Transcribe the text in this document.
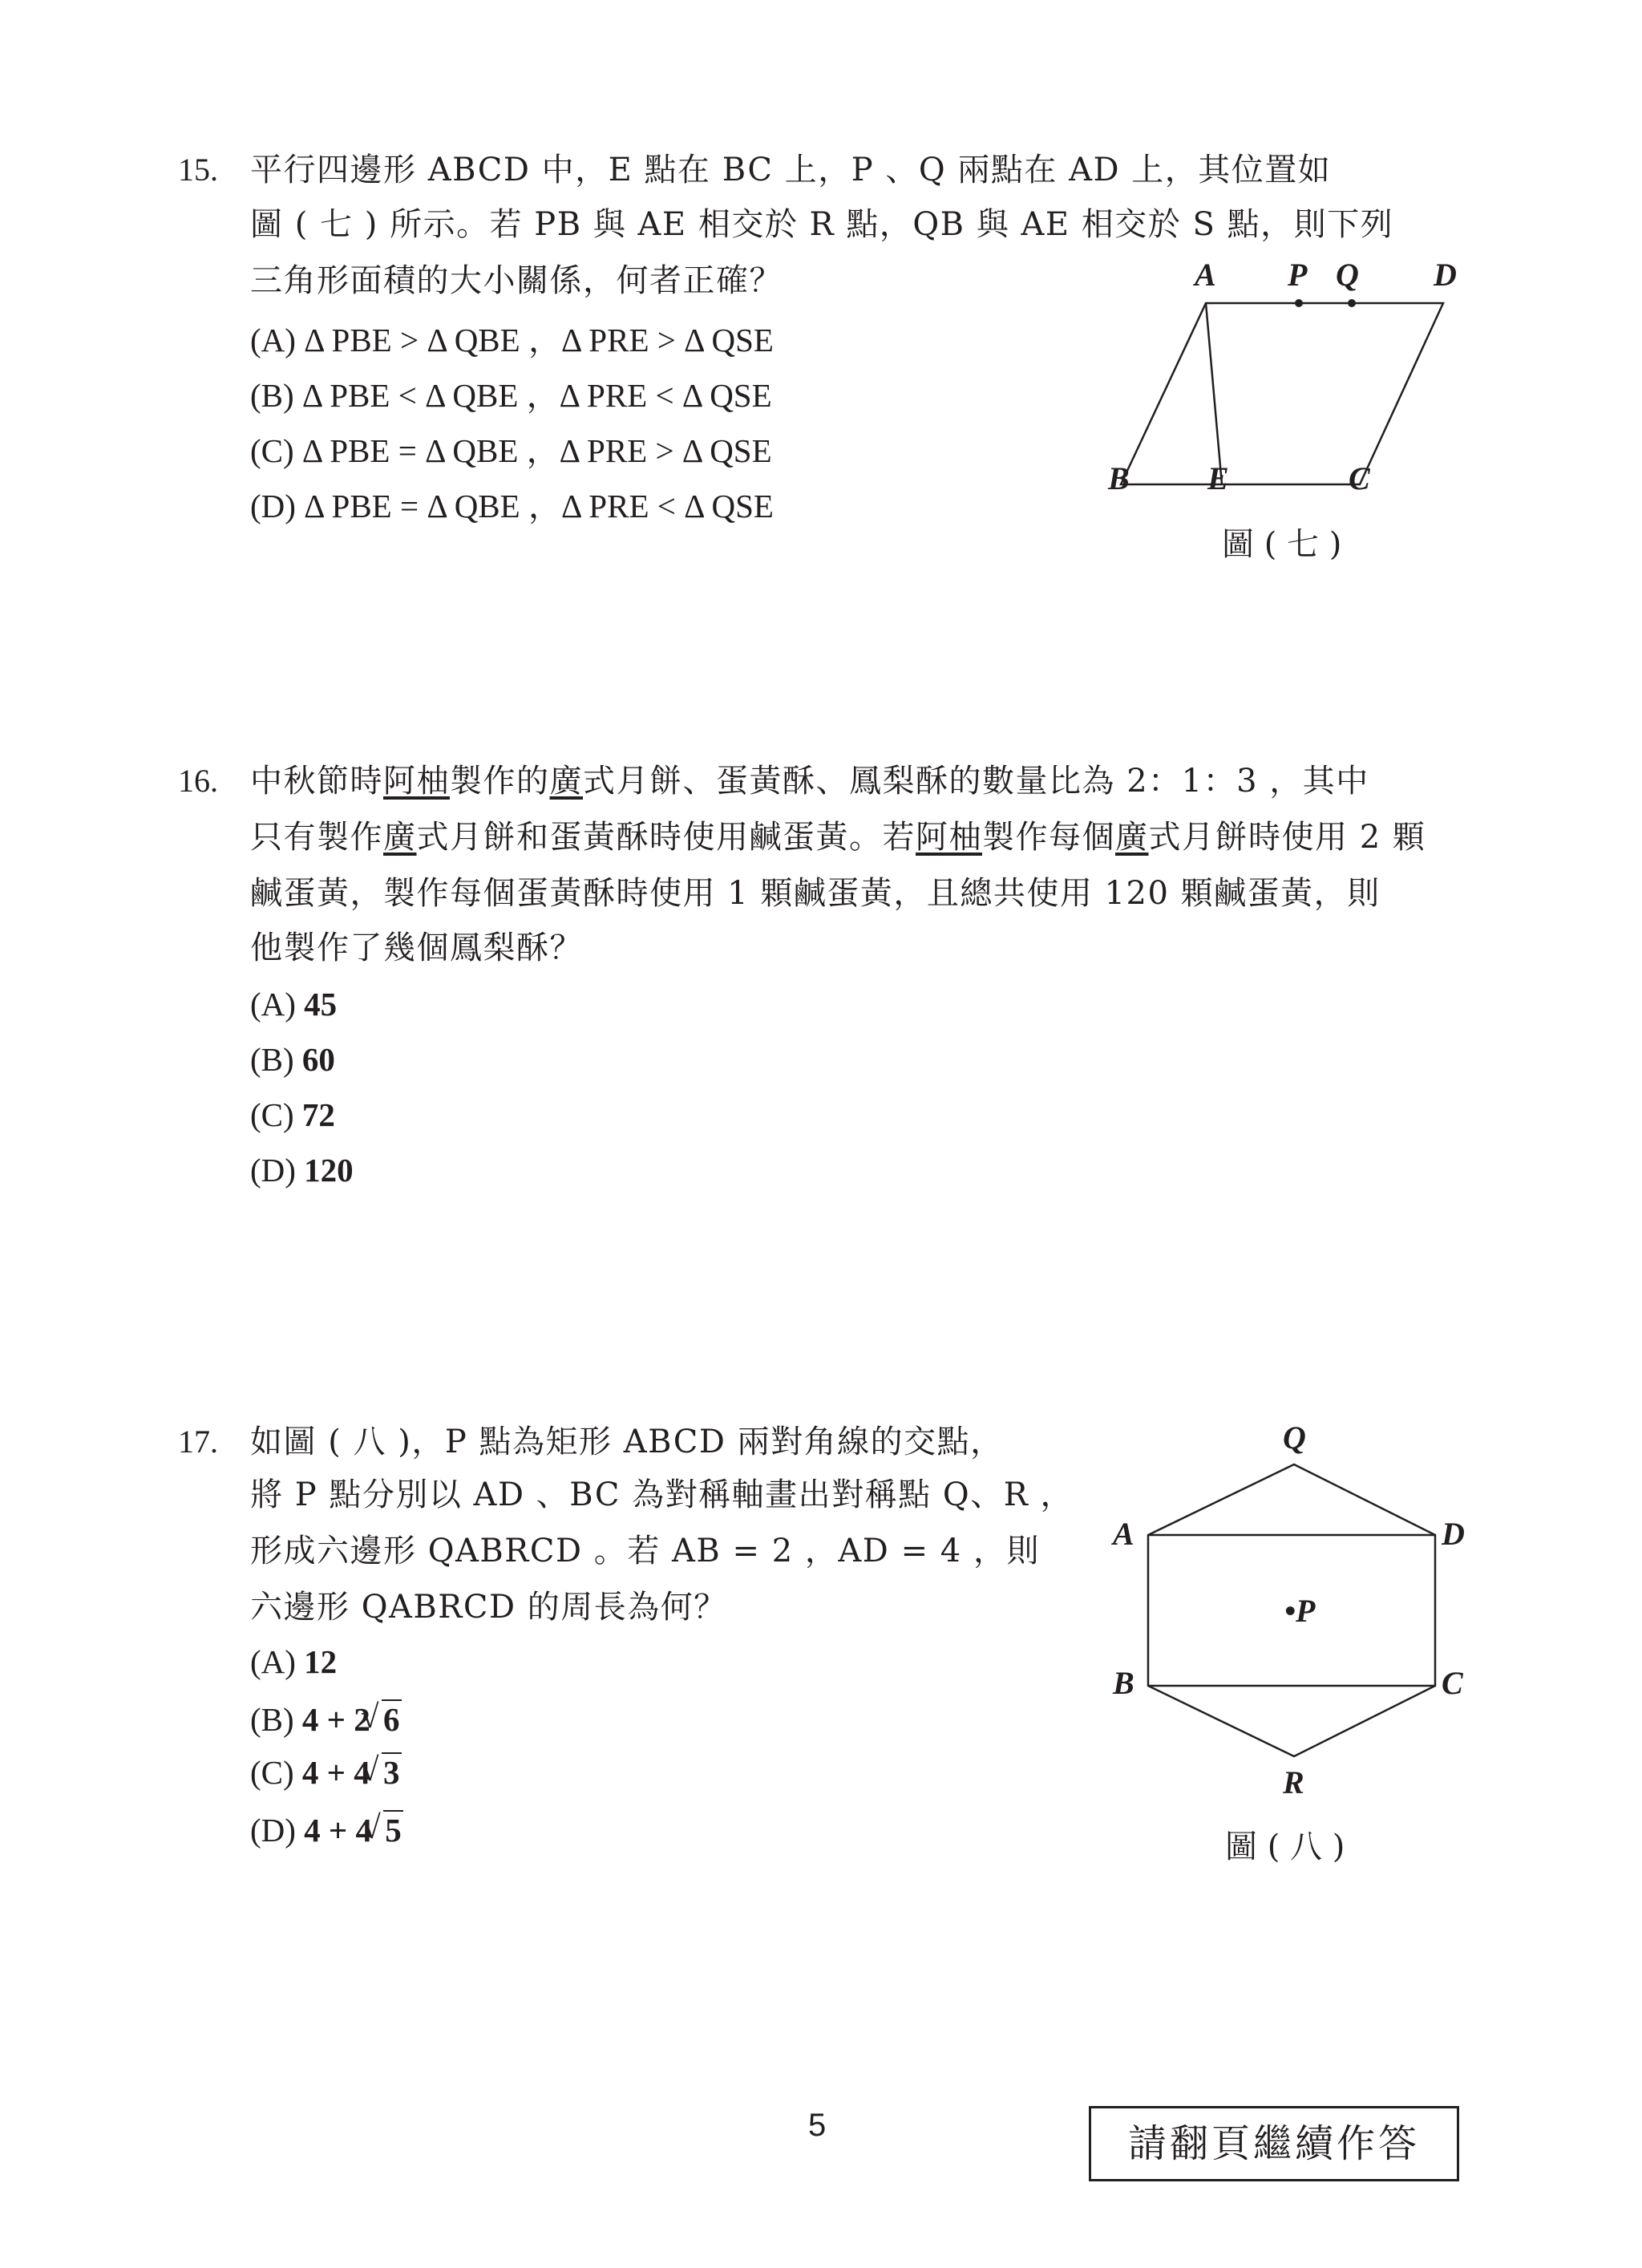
15. 平行四邊形 ABCD 中，E 點在 BC 上，P 、Q 兩點在 AD 上，其位置如
圖 ( 七 ) 所示。若 PB 與 AE 相交於 R 點，QB 與 AE 相交於 S 點，則下列
三角形面積的大小關係，何者正確？
(A) Δ PBE > Δ QBE ，Δ PRE > Δ QSE
(B) Δ PBE < Δ QBE ，Δ PRE < Δ QSE
(C) Δ PBE = Δ QBE ，Δ PRE > Δ QSE
(D) Δ PBE = Δ QBE ，Δ PRE < Δ QSE
A P Q D
B E	C
圖 ( 七 )
16. 中秋節時阿柚製作的廣式月餅、蛋黃酥、鳳梨酥的數量比為 2：1：3 ，其中
只有製作廣式月餅和蛋黃酥時使用鹹蛋黃。若阿柚製作每個廣式月餅時使用 2 顆
鹹蛋黃，製作每個蛋黃酥時使用 1 顆鹹蛋黃，且總共使用 120 顆鹹蛋黃，則
他製作了幾個鳳梨酥？
(A) 45
(B) 60
(C) 72
(D) 120
17. 如圖 ( 八 )，P 點為矩形 ABCD 兩對角線的交點，
將 P 點分別以 AD 、BC 為對稱軸畫出對稱點 Q、R ，
形成六邊形 QABRCD 。若 AB = 2 ，AD = 4 ，則
六邊形 QABRCD 的周長為何？
(A) 12
(B) 4 + 2 √ 6
(C) 4 + 4 √ 3
(D) 4 + 4 √ 5
Q
A	D
•P
B	C
R
圖 ( 八 )
5	請翻頁繼續作答
